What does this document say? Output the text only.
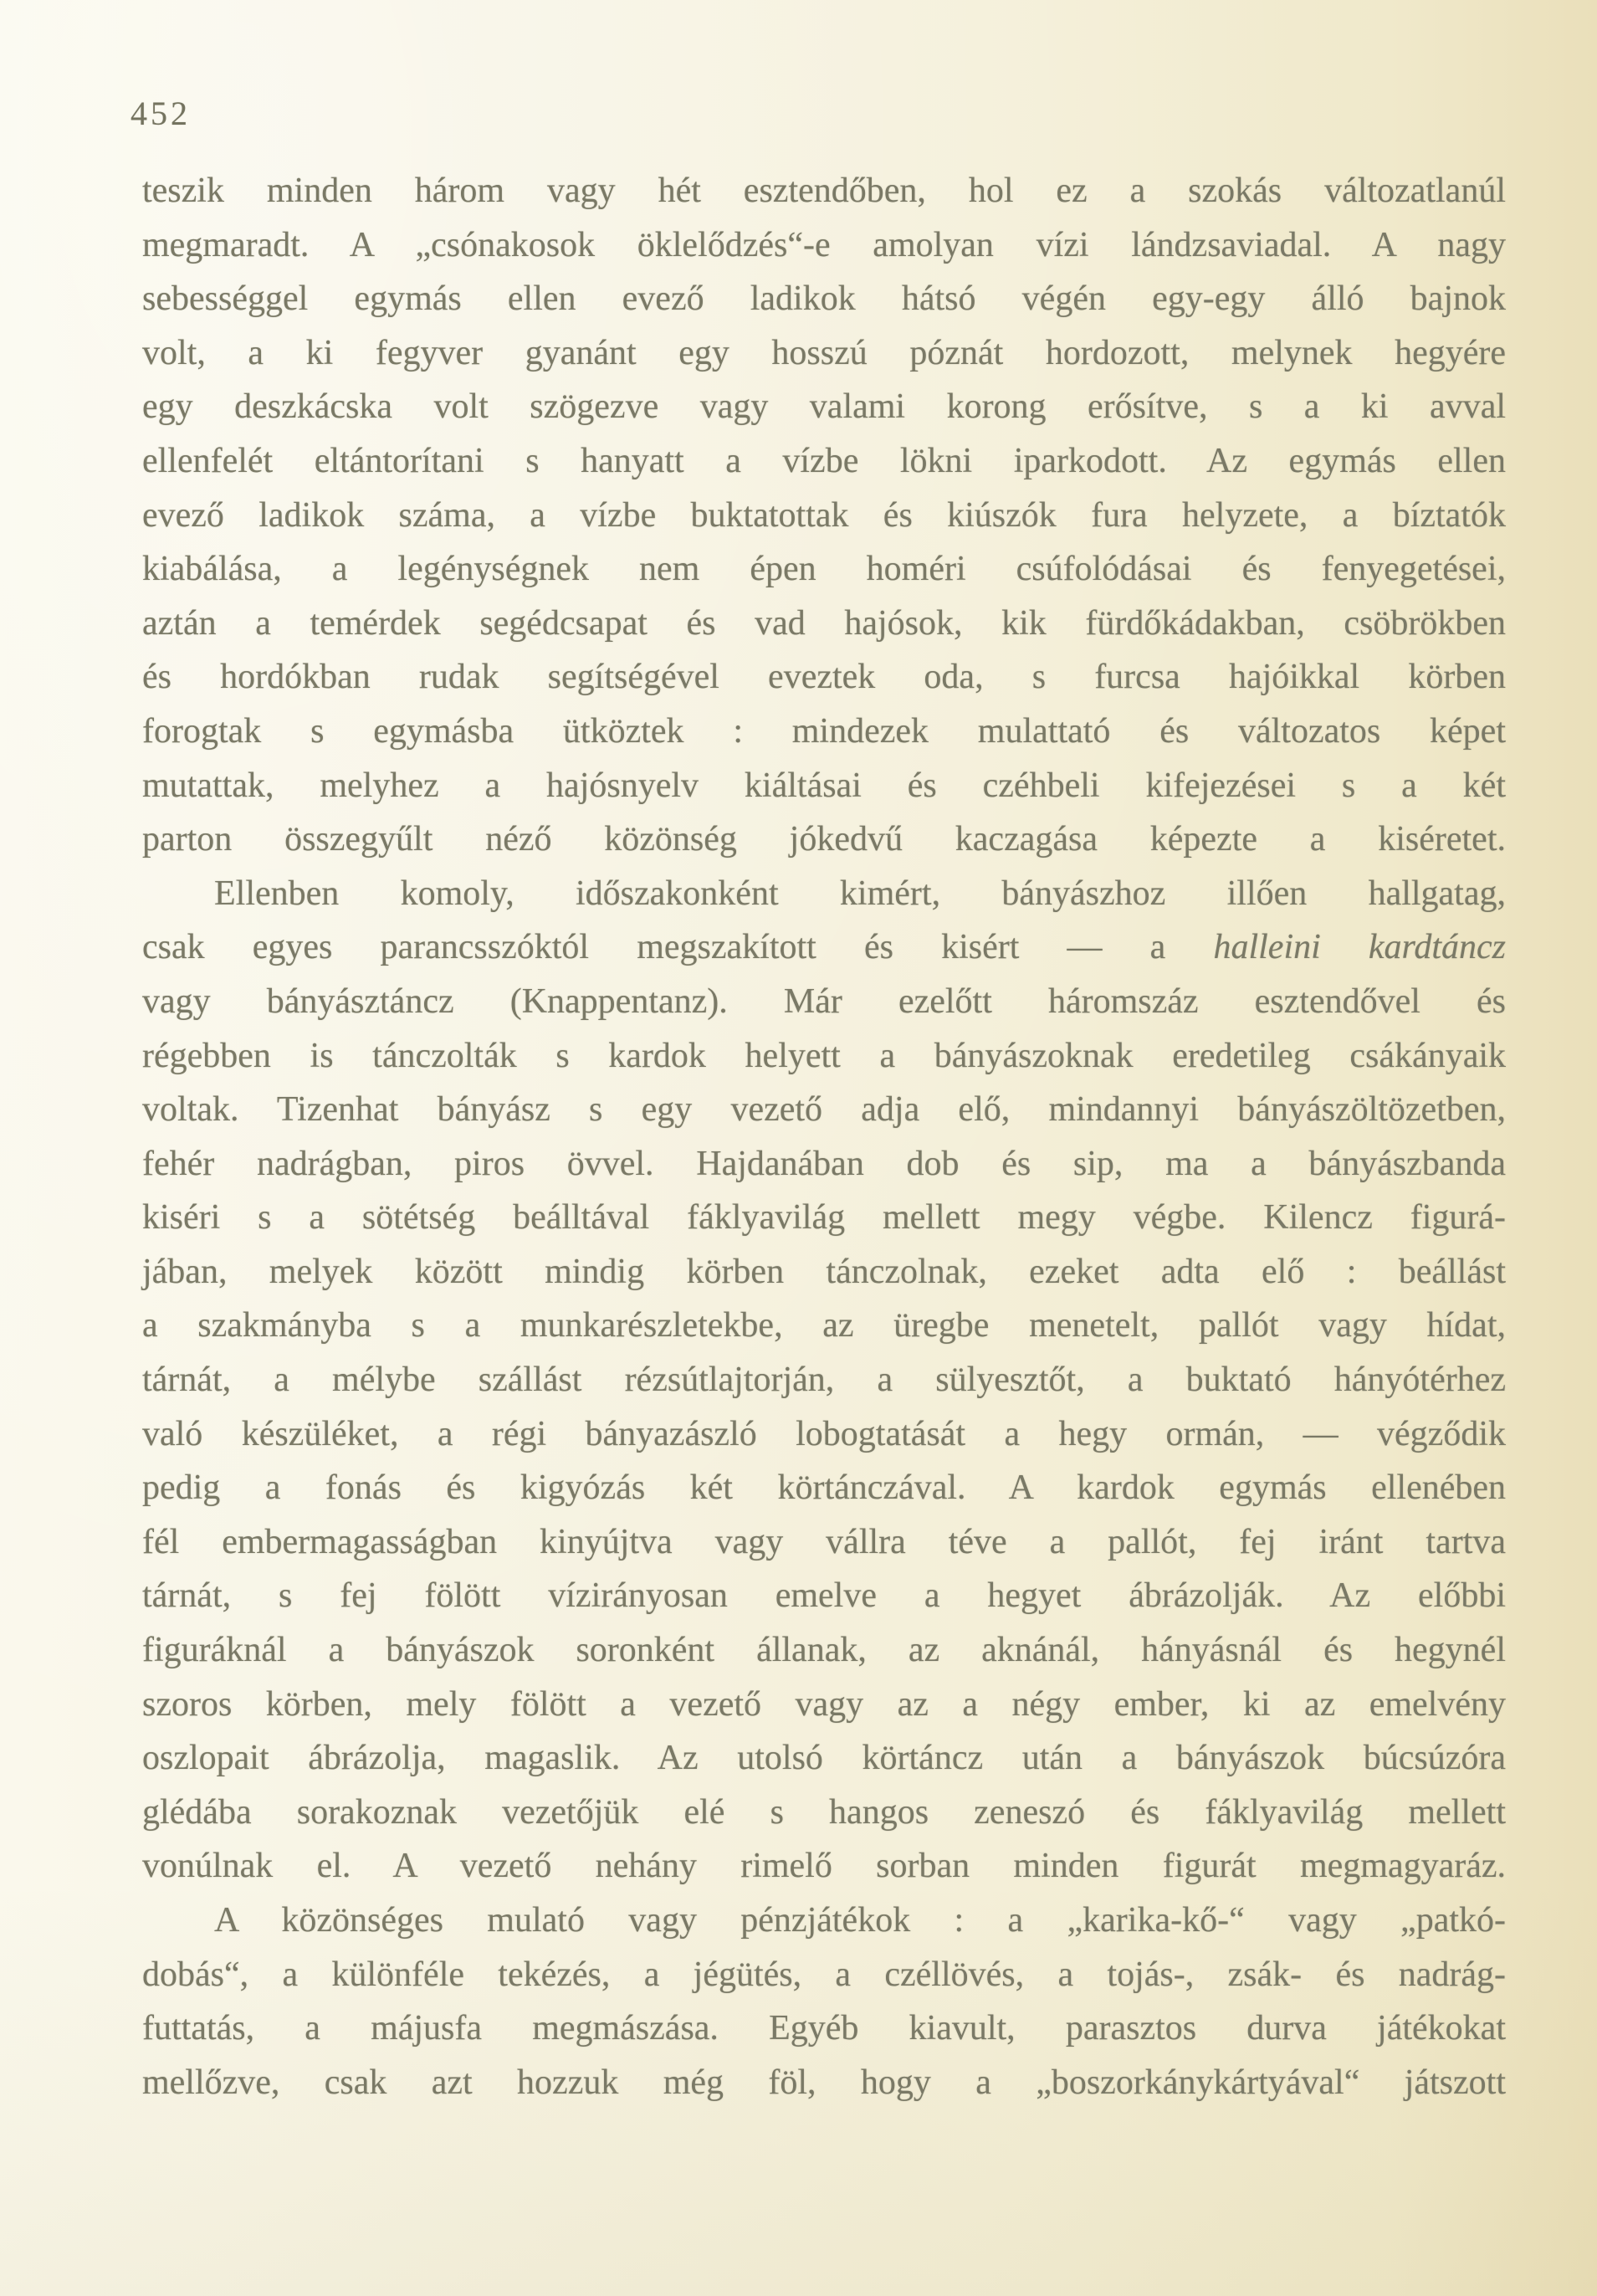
452
teszik minden három vagy hét esztendőben, hol ez a szokás változatlanúl
megmaradt. A „csónakosok öklelődzés“-e amolyan vízi lándzsaviadal. A nagy
sebességgel egymás ellen evező ladikok hátsó végén egy-egy álló bajnok
volt, a ki fegyver gyanánt egy hosszú póznát hordozott, melynek hegyére
egy deszkácska volt szögezve vagy valami korong erősítve, s a ki avval
ellenfelét eltántorítani s hanyatt a vízbe lökni iparkodott. Az egymás ellen
evező ladikok száma, a vízbe buktatottak és kiúszók fura helyzete, a bíztatók
kiabálása, a legénységnek nem épen homéri csúfolódásai és fenyegetései,
aztán a temérdek segédcsapat és vad hajósok, kik fürdőkádakban, csöbrökben
és hordókban rudak segítségével eveztek oda, s furcsa hajóikkal körben
forogtak s egymásba ütköztek : mindezek mulattató és változatos képet
mutattak, melyhez a hajósnyelv kiáltásai és czéhbeli kifejezései s a két
parton összegyűlt néző közönség jókedvű kaczagása képezte a kiséretet.
Ellenben komoly, időszakonként kimért, bányászhoz illően hallgatag,
csak egyes parancsszóktól megszakított és kisért — a halleini kardtáncz
vagy bányásztáncz (Knappentanz). Már ezelőtt háromszáz esztendővel és
régebben is tánczolták s kardok helyett a bányászoknak eredetileg csákányaik
voltak. Tizenhat bányász s egy vezető adja elő, mindannyi bányászöltözetben,
fehér nadrágban, piros övvel. Hajdanában dob és sip, ma a bányászbanda
kiséri s a sötétség beálltával fáklyavilág mellett megy végbe. Kilencz figurá-
jában, melyek között mindig körben tánczolnak, ezeket adta elő : beállást
a szakmányba s a munkarészletekbe, az üregbe menetelt, pallót vagy hídat,
tárnát, a mélybe szállást rézsútlajtorján, a sülyesztőt, a buktató hányótérhez
való készüléket, a régi bányazászló lobogtatását a hegy ormán, — végződik
pedig a fonás és kigyózás két körtánczával. A kardok egymás ellenében
fél embermagasságban kinyújtva vagy vállra téve a pallót, fej iránt tartva
tárnát, s fej fölött vízirányosan emelve a hegyet ábrázolják. Az előbbi
figuráknál a bányászok soronként állanak, az aknánál, hányásnál és hegynél
szoros körben, mely fölött a vezető vagy az a négy ember, ki az emelvény
oszlopait ábrázolja, magaslik. Az utolsó körtáncz után a bányászok búcsúzóra
glédába sorakoznak vezetőjük elé s hangos zeneszó és fáklyavilág mellett
vonúlnak el. A vezető nehány rimelő sorban minden figurát megmagyaráz.
A közönséges mulató vagy pénzjátékok : a „karika-kő-“ vagy „patkó-
dobás“, a különféle tekézés, a jégütés, a czéllövés, a tojás-, zsák- és nadrág-
futtatás, a májusfa megmászása. Egyéb kiavult, parasztos durva játékokat
mellőzve, csak azt hozzuk még föl, hogy a „boszorkánykártyával“ játszott
